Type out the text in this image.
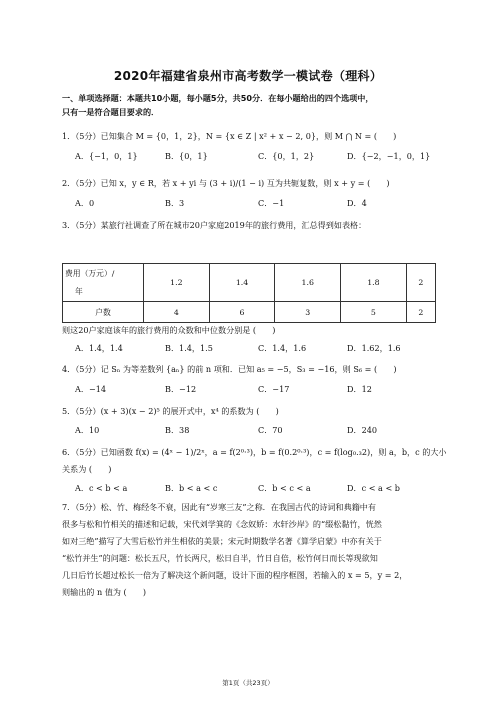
2020年福建省泉州市高考数学一模试卷（理科）
一、单项选择题：本题共10小题，每小题5分，共50分．在每小题给出的四个选项中，
只有一是符合题目要求的．
1．（5分）已知集合 M = {0，1，2}，N = {x ∈ Z | x² + x − 2, 0}，则 M ⋂ N = (　　)
A．{−1，0，1}	B．{0，1}	C．{0，1，2}	D．{−2，−1，0，1}
2．（5分）已知 x，y ∈ R，若 x + yi 与 (3 + i)/(1 − i) 互为共轭复数，则 x + y = (　　)
A．0	B．3	C．−1	D．4
3．（5分）某旅行社调查了所在城市20户家庭2019年的旅行费用，汇总得到如表格：
费用（万元）/
年	1.2	1.4	1.6	1.8	2
户数	4	6	3	5	2
则这20户家庭该年的旅行费用的众数和中位数分别是 (　　)
A．1.4，1.4	B．1.4，1.5	C．1.4，1.6	D．1.62，1.6
4．（5分）记 Sₙ 为等差数列 {aₙ} 的前 n 项和．已知 a₅ = −5，S₃ = −16，则 S₆ = (　　)
A．−14	B．−12	C．−17	D．12
5．（5分）(x + 3)(x − 2)⁵ 的展开式中，x⁴ 的系数为 (　　)
A．10	B．38	C．70	D．240
6．（5分）已知函数 f(x) = (4ˣ − 1)/2ˣ，a = f(2⁰·³)，b = f(0.2⁰·³)，c = f(log₀.₃2)，则 a，b，c 的大小
关系为 (　　)
A．c < b < a	B．b < a < c	C．b < c < a	D．c < a < b
7．（5分）松、竹、梅经冬不衰，因此有“岁寒三友”之称．在我国古代的诗词和典籍中有
很多与松和竹相关的描述和记载，宋代刘学箕的《念奴娇：水轩沙岸》的“缀松黏竹，恍然
如对三绝”描写了大雪后松竹并生相依的美景；宋元时期数学名著《算学启蒙》中亦有关于
“松竹并生”的问题：松长五尺，竹长两尺，松日自半，竹日自倍，松竹何日而长等现欲知
几日后竹长超过松长一倍为了解决这个新问题，设计下面的程序框图，若输入的 x = 5，y = 2，
则输出的 n 值为 (　　)
第1页（共23页）
